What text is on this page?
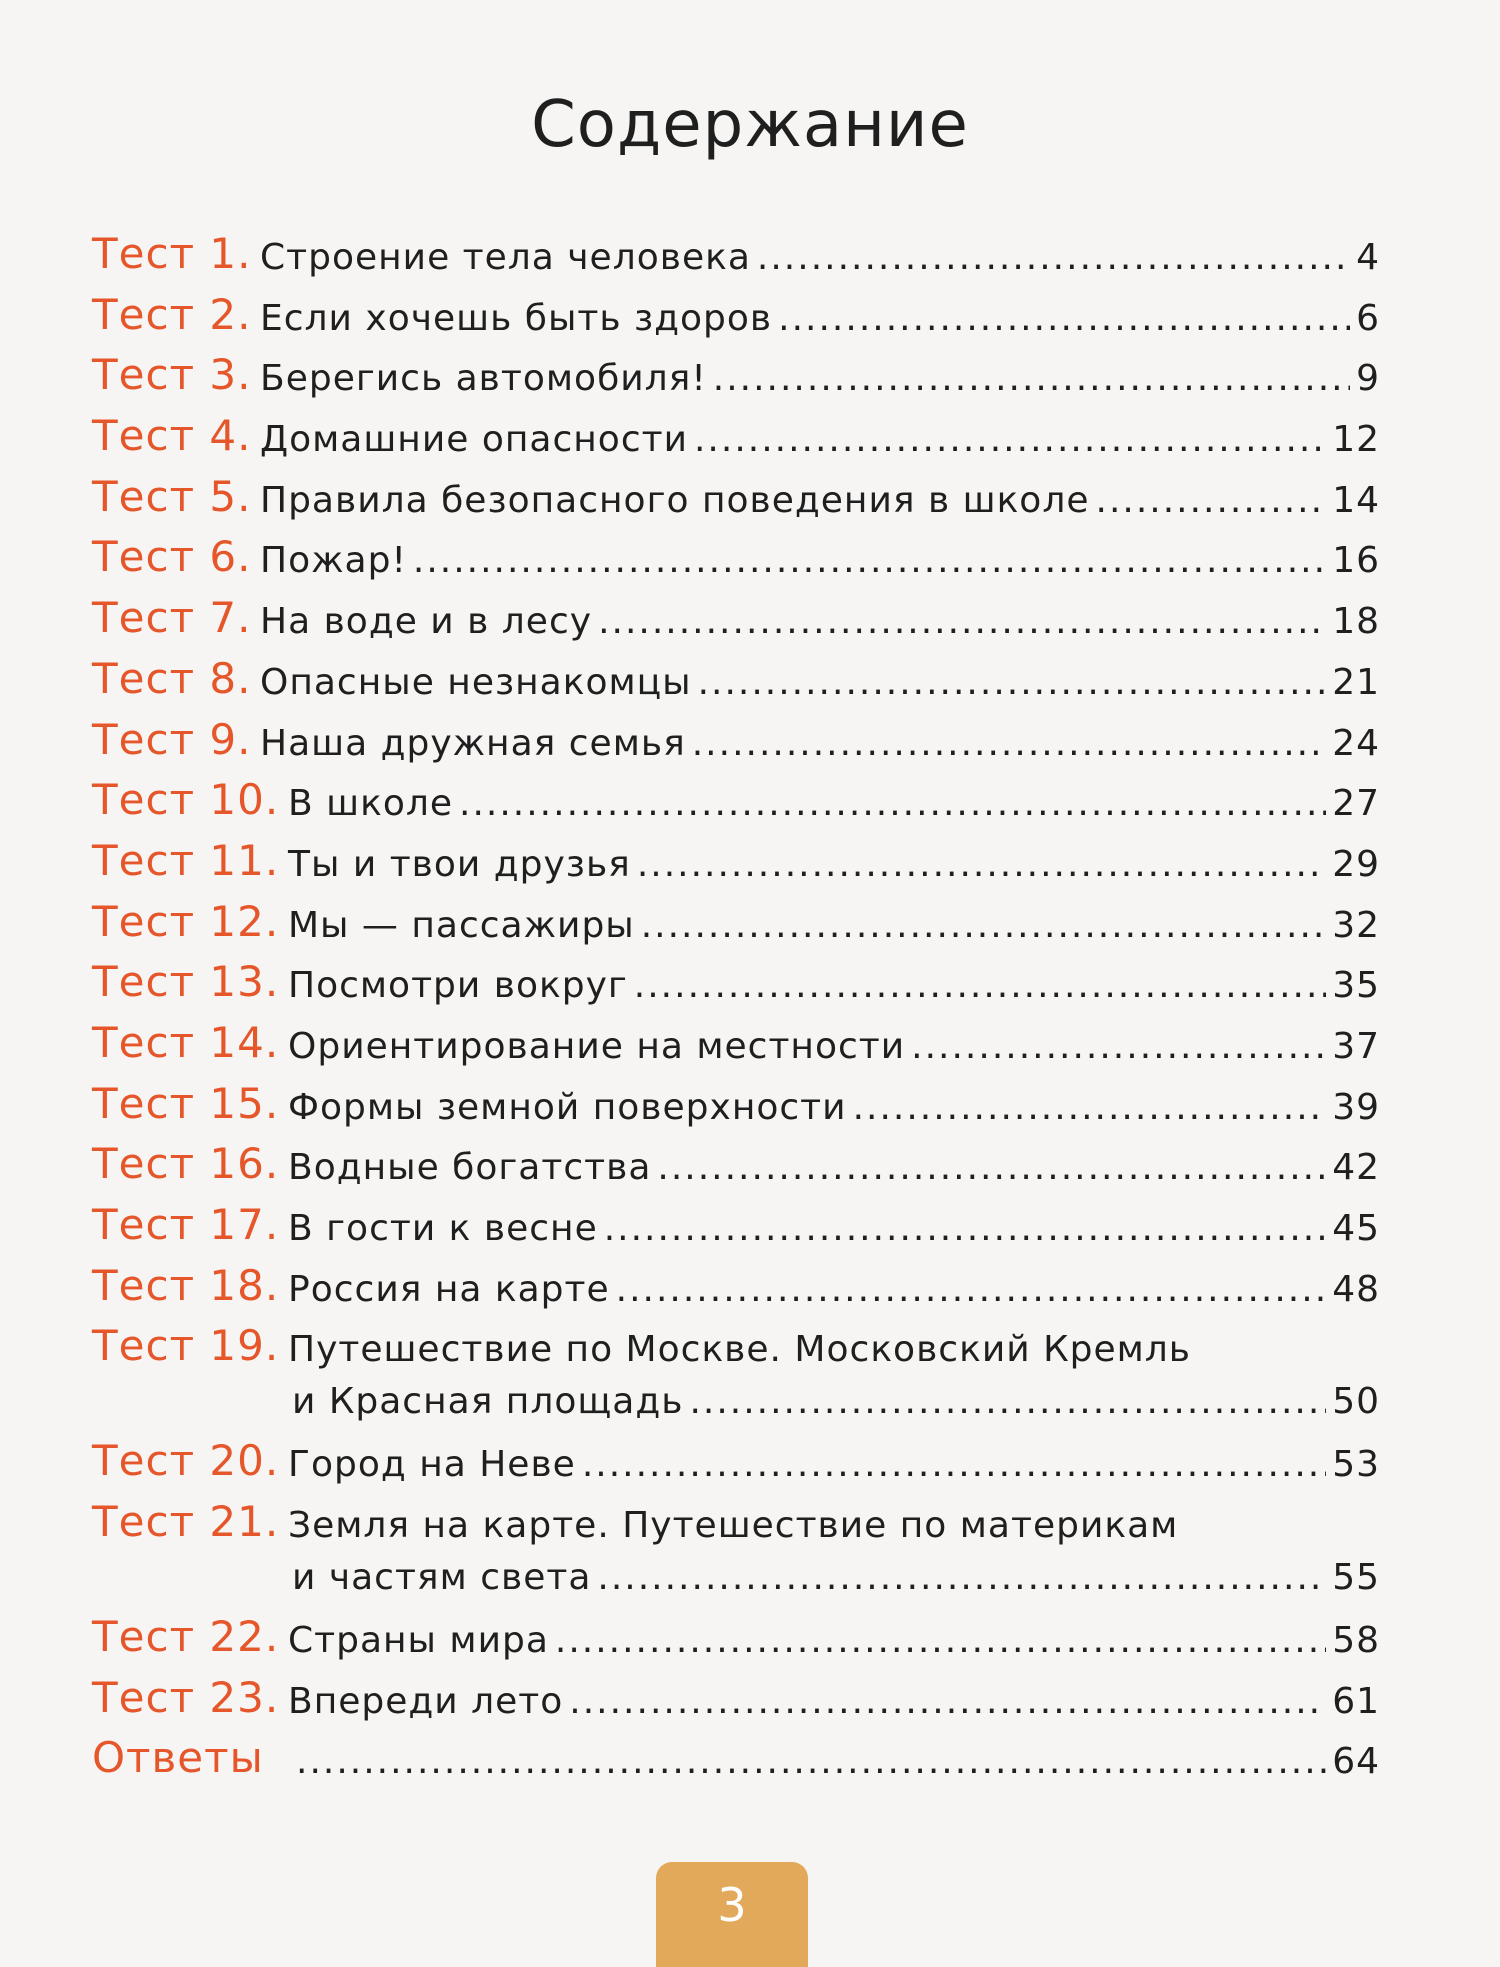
Содержание
Тест 1. Строение тела человека .....	4
Тест 2. Если хочешь быть здоров .....	6
Тест 3. Берегись автомобиля! .....	9
Тест 4. Домашние опасности .....	12
Тест 5. Правила безопасного поведения в школе .....	14
Тест 6. Пожар! .....	16
Тест 7. На воде и в лесу .....	18
Тест 8. Опасные незнакомцы .....	21
Тест 9. Наша дружная семья .....	24
Тест 10. В школе .....	27
Тест 11. Ты и твои друзья .....	29
Тест 12. Мы — пассажиры .....	32
Тест 13. Посмотри вокруг .....	35
Тест 14. Ориентирование на местности .....	37
Тест 15. Формы земной поверхности .....	39
Тест 16. Водные богатства .....	42
Тест 17. В гости к весне .....	45
Тест 18. Россия на карте .....	48
Тест 19. Путешествие по Москве. Московский Кремль
и Красная площадь .....	50
Тест 20. Город на Неве .....	53
Тест 21. Земля на карте. Путешествие по материкам
и частям света .....	55
Тест 22. Страны мира .....	58
Тест 23. Впереди лето .....	61
Ответы .....	64
3
